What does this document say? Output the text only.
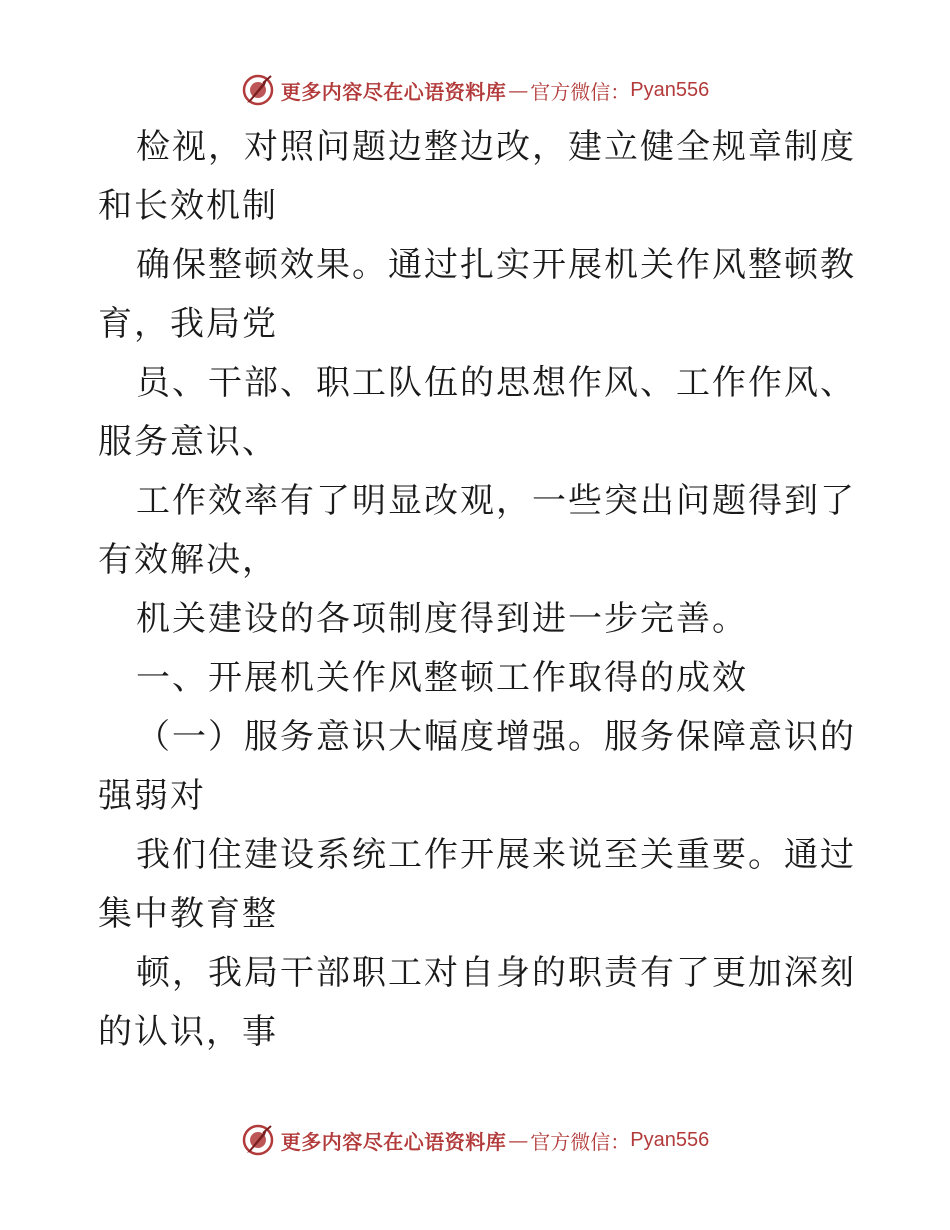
更多内容尽在心语资料库 — 官方微信： Pyan556

检视，对照问题边整边改，建立健全规章制度和长效机制

确保整顿效果。通过扎实开展机关作风整顿教育，我局党

员、干部、职工队伍的思想作风、工作作风、服务意识、

工作效率有了明显改观，一些突出问题得到了有效解决，

机关建设的各项制度得到进一步完善。

一、开展机关作风整顿工作取得的成效

（一）服务意识大幅度增强。服务保障意识的强弱对

我们住建设系统工作开展来说至关重要。通过集中教育整

顿，我局干部职工对自身的职责有了更加深刻的认识，事

更多内容尽在心语资料库 — 官方微信： Pyan556
